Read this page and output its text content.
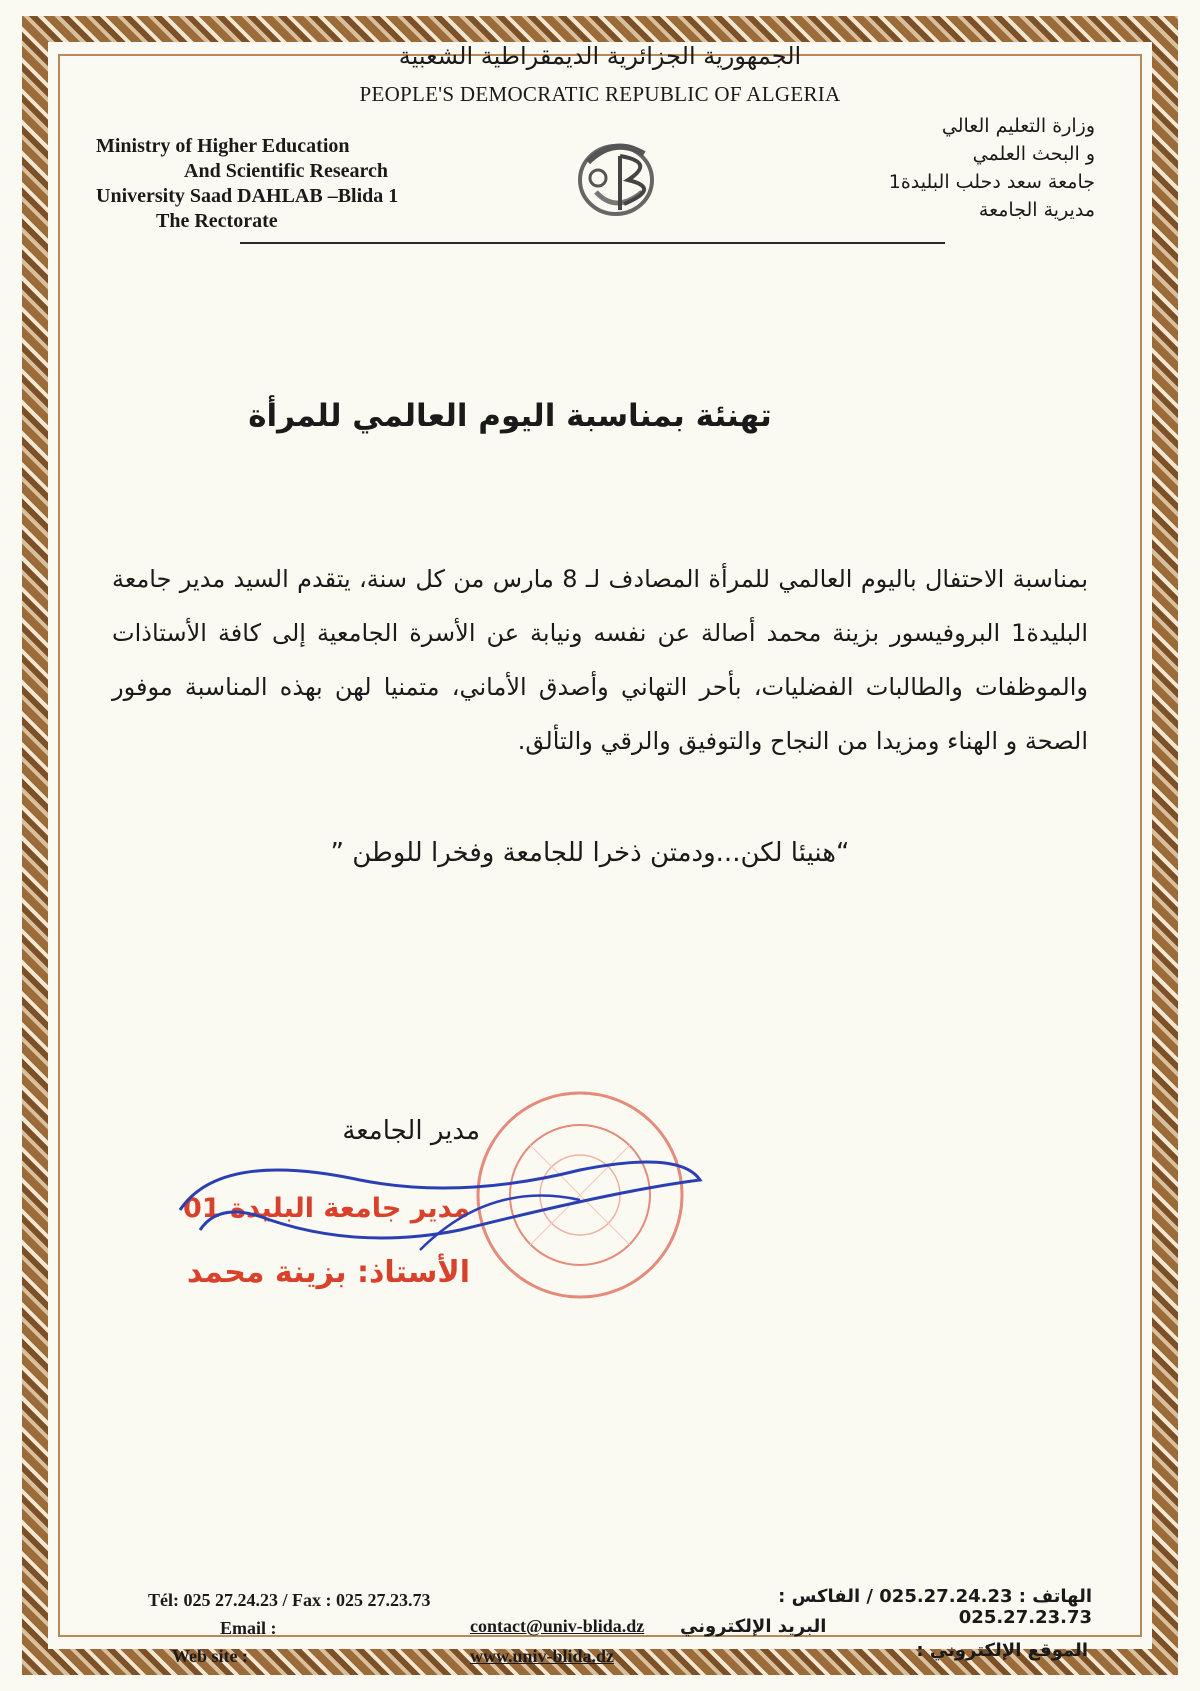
الجمهورية الجزائرية الديمقراطية الشعبية
PEOPLE'S DEMOCRATIC REPUBLIC OF ALGERIA
Ministry of Higher Education
And Scientific Research
University Saad DAHLAB –Blida 1
The Rectorate
وزارة التعليم العالي
و البحث العلمي
جامعة سعد دحلب البليدة1
مديرية الجامعة
تهنئة بمناسبة اليوم العالمي للمرأة
بمناسبة الاحتفال باليوم العالمي للمرأة المصادف لـ 8 مارس من كل سنة، يتقدم السيد مدير جامعة البليدة1 البروفيسور بزينة محمد أصالة عن نفسه ونيابة عن الأسرة الجامعية إلى كافة الأستاذات والموظفات والطالبات الفضليات، بأحر التهاني وأصدق الأماني، متمنيا لهن بهذه المناسبة موفور الصحة و الهناء ومزيدا من النجاح والتوفيق والرقي والتألق.
“هنيئا لكن...ودمتن ذخرا للجامعة وفخرا للوطن ”
مدير الجامعة
مدير جامعة البليدة 01
الأستاذ: بزينة محمد
Tél: 025 27.24.23 / Fax : 025 27.23.73	الهاتف : 025.27.24.23 / الفاكس : 025.27.23.73
Email :	contact@univ-blida.dz البريد الإلكتروني
Web site :	www.univ-blida.dz	الموقع الإلكتروني :
